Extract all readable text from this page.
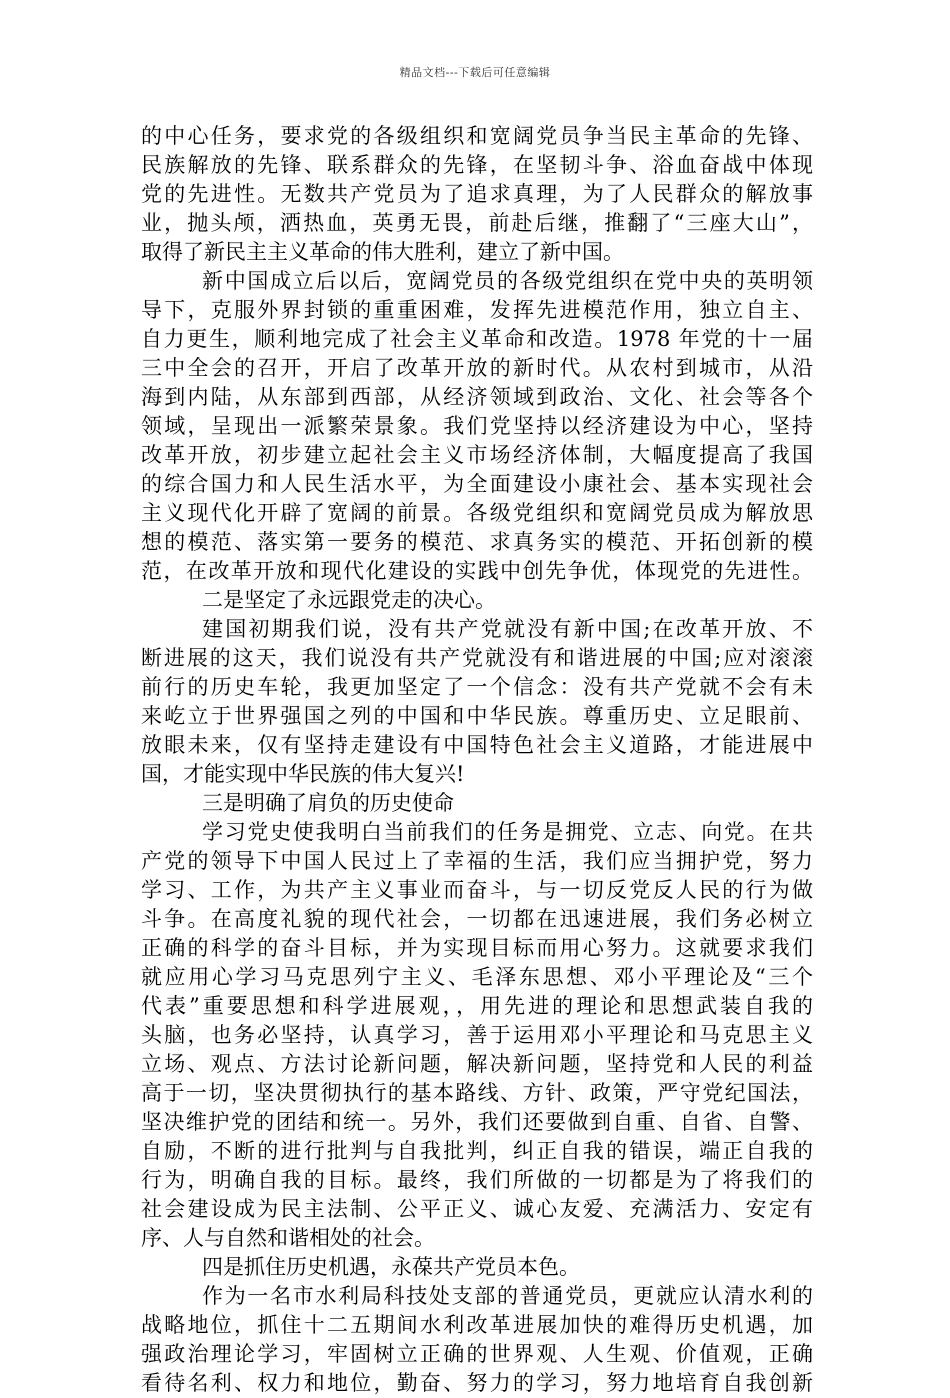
精品文档---下载后可任意编辑
的中心任务，要求党的各级组织和宽阔党员争当民主革命的先锋、
民族解放的先锋、联系群众的先锋，在坚韧斗争、浴血奋战中体现
党的先进性。无数共产党员为了追求真理，为了人民群众的解放事
业，抛头颅，洒热血，英勇无畏，前赴后继，推翻了“三座大山”，
取得了新民主主义革命的伟大胜利，建立了新中国。
新中国成立后以后，宽阔党员的各级党组织在党中央的英明领
导下，克服外界封锁的重重困难，发挥先进模范作用，独立自主、
自力更生，顺利地完成了社会主义革命和改造。1978 年党的十一届
三中全会的召开，开启了改革开放的新时代。从农村到城市，从沿
海到内陆，从东部到西部，从经济领域到政治、文化、社会等各个
领域，呈现出一派繁荣景象。我们党坚持以经济建设为中心，坚持
改革开放，初步建立起社会主义市场经济体制，大幅度提高了我国
的综合国力和人民生活水平，为全面建设小康社会、基本实现社会
主义现代化开辟了宽阔的前景。各级党组织和宽阔党员成为解放思
想的模范、落实第一要务的模范、求真务实的模范、开拓创新的模
范，在改革开放和现代化建设的实践中创先争优，体现党的先进性。
二是坚定了永远跟党走的决心。
建国初期我们说，没有共产党就没有新中国;在改革开放、不
断进展的这天，我们说没有共产党就没有和谐进展的中国;应对滚滚
前行的历史车轮，我更加坚定了一个信念：没有共产党就不会有未
来屹立于世界强国之列的中国和中华民族。尊重历史、立足眼前、
放眼未来，仅有坚持走建设有中国特色社会主义道路，才能进展中
国，才能实现中华民族的伟大复兴!
三是明确了肩负的历史使命
学习党史使我明白当前我们的任务是拥党、立志、向党。在共
产党的领导下中国人民过上了幸福的生活，我们应当拥护党，努力
学习、工作，为共产主义事业而奋斗，与一切反党反人民的行为做
斗争。在高度礼貌的现代社会，一切都在迅速进展，我们务必树立
正确的科学的奋斗目标，并为实现目标而用心努力。这就要求我们
就应用心学习马克思列宁主义、毛泽东思想、邓小平理论及“三个
代表”重要思想和科学进展观，，用先进的理论和思想武装自我的
头脑，也务必坚持，认真学习，善于运用邓小平理论和马克思主义
立场、观点、方法讨论新问题，解决新问题，坚持党和人民的利益
高于一切，坚决贯彻执行的基本路线、方针、政策，严守党纪国法，
坚决维护党的团结和统一。另外，我们还要做到自重、自省、自警、
自励，不断的进行批判与自我批判，纠正自我的错误，端正自我的
行为，明确自我的目标。最终，我们所做的一切都是为了将我们的
社会建设成为民主法制、公平正义、诚心友爱、充满活力、安定有
序、人与自然和谐相处的社会。
四是抓住历史机遇，永葆共产党员本色。
作为一名市水利局科技处支部的普通党员，更就应认清水利的
战略地位，抓住十二五期间水利改革进展加快的难得历史机遇，加
强政治理论学习，牢固树立正确的世界观、人生观、价值观，正确
看待名利、权力和地位，勤奋、努力的学习，努力地培育自我创新
